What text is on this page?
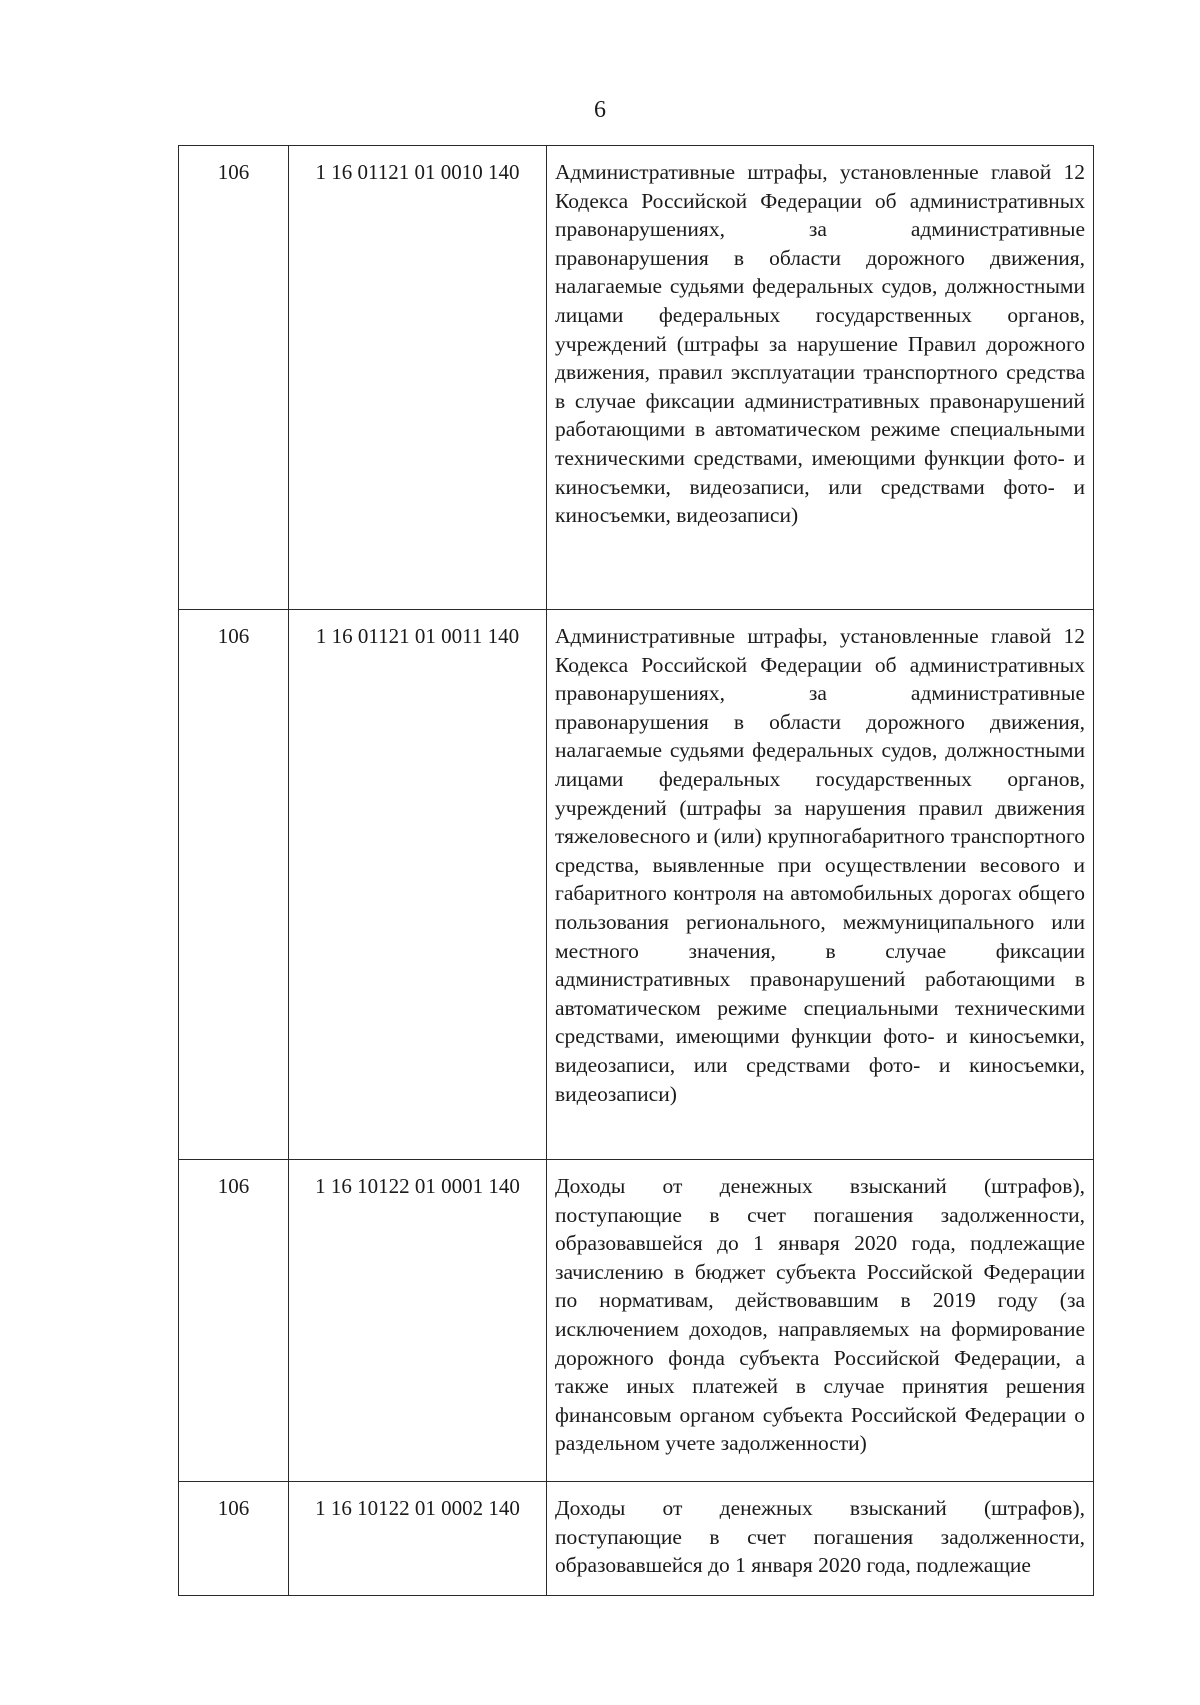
6
106	1 16 01121 01 0010 140	Административные штрафы, установленные главой 12 Кодекса Российской Федерации об административных правонарушениях, за административные правонарушения в области дорожного движения, налагаемые судьями федеральных судов, должностными лицами федеральных государственных органов, учреждений (штрафы за нарушение Правил дорожного движения, правил эксплуатации транспортного средства в случае фиксации административных правонарушений работающими в автоматическом режиме специальными техническими средствами, имеющими функции фото- и киносъемки, видеозаписи, или средствами фото- и киносъемки, видеозаписи)
106	1 16 01121 01 0011 140	Административные штрафы, установленные главой 12 Кодекса Российской Федерации об административных правонарушениях, за административные правонарушения в области дорожного движения, налагаемые судьями федеральных судов, должностными лицами федеральных государственных органов, учреждений (штрафы за нарушения правил движения тяжеловесного и (или) крупногабаритного транспортного средства, выявленные при осуществлении весового и габаритного контроля на автомобильных дорогах общего пользования регионального, межмуниципального или местного значения, в случае фиксации административных правонарушений работающими в автоматическом режиме специальными техническими средствами, имеющими функции фото- и киносъемки, видеозаписи, или средствами фото- и киносъемки, видеозаписи)
106	1 16 10122 01 0001 140	Доходы от денежных взысканий (штрафов), поступающие в счет погашения задолженности, образовавшейся до 1 января 2020 года, подлежащие зачислению в бюджет субъекта Российской Федерации по нормативам, действовавшим в 2019 году (за исключением доходов, направляемых на формирование дорожного фонда субъекта Российской Федерации, а также иных платежей в случае принятия решения финансовым органом субъекта Российской Федерации о раздельном учете задолженности)
106	1 16 10122 01 0002 140	Доходы от денежных взысканий (штрафов), поступающие в счет погашения задолженности, образовавшейся до 1 января 2020 года, подлежащие
